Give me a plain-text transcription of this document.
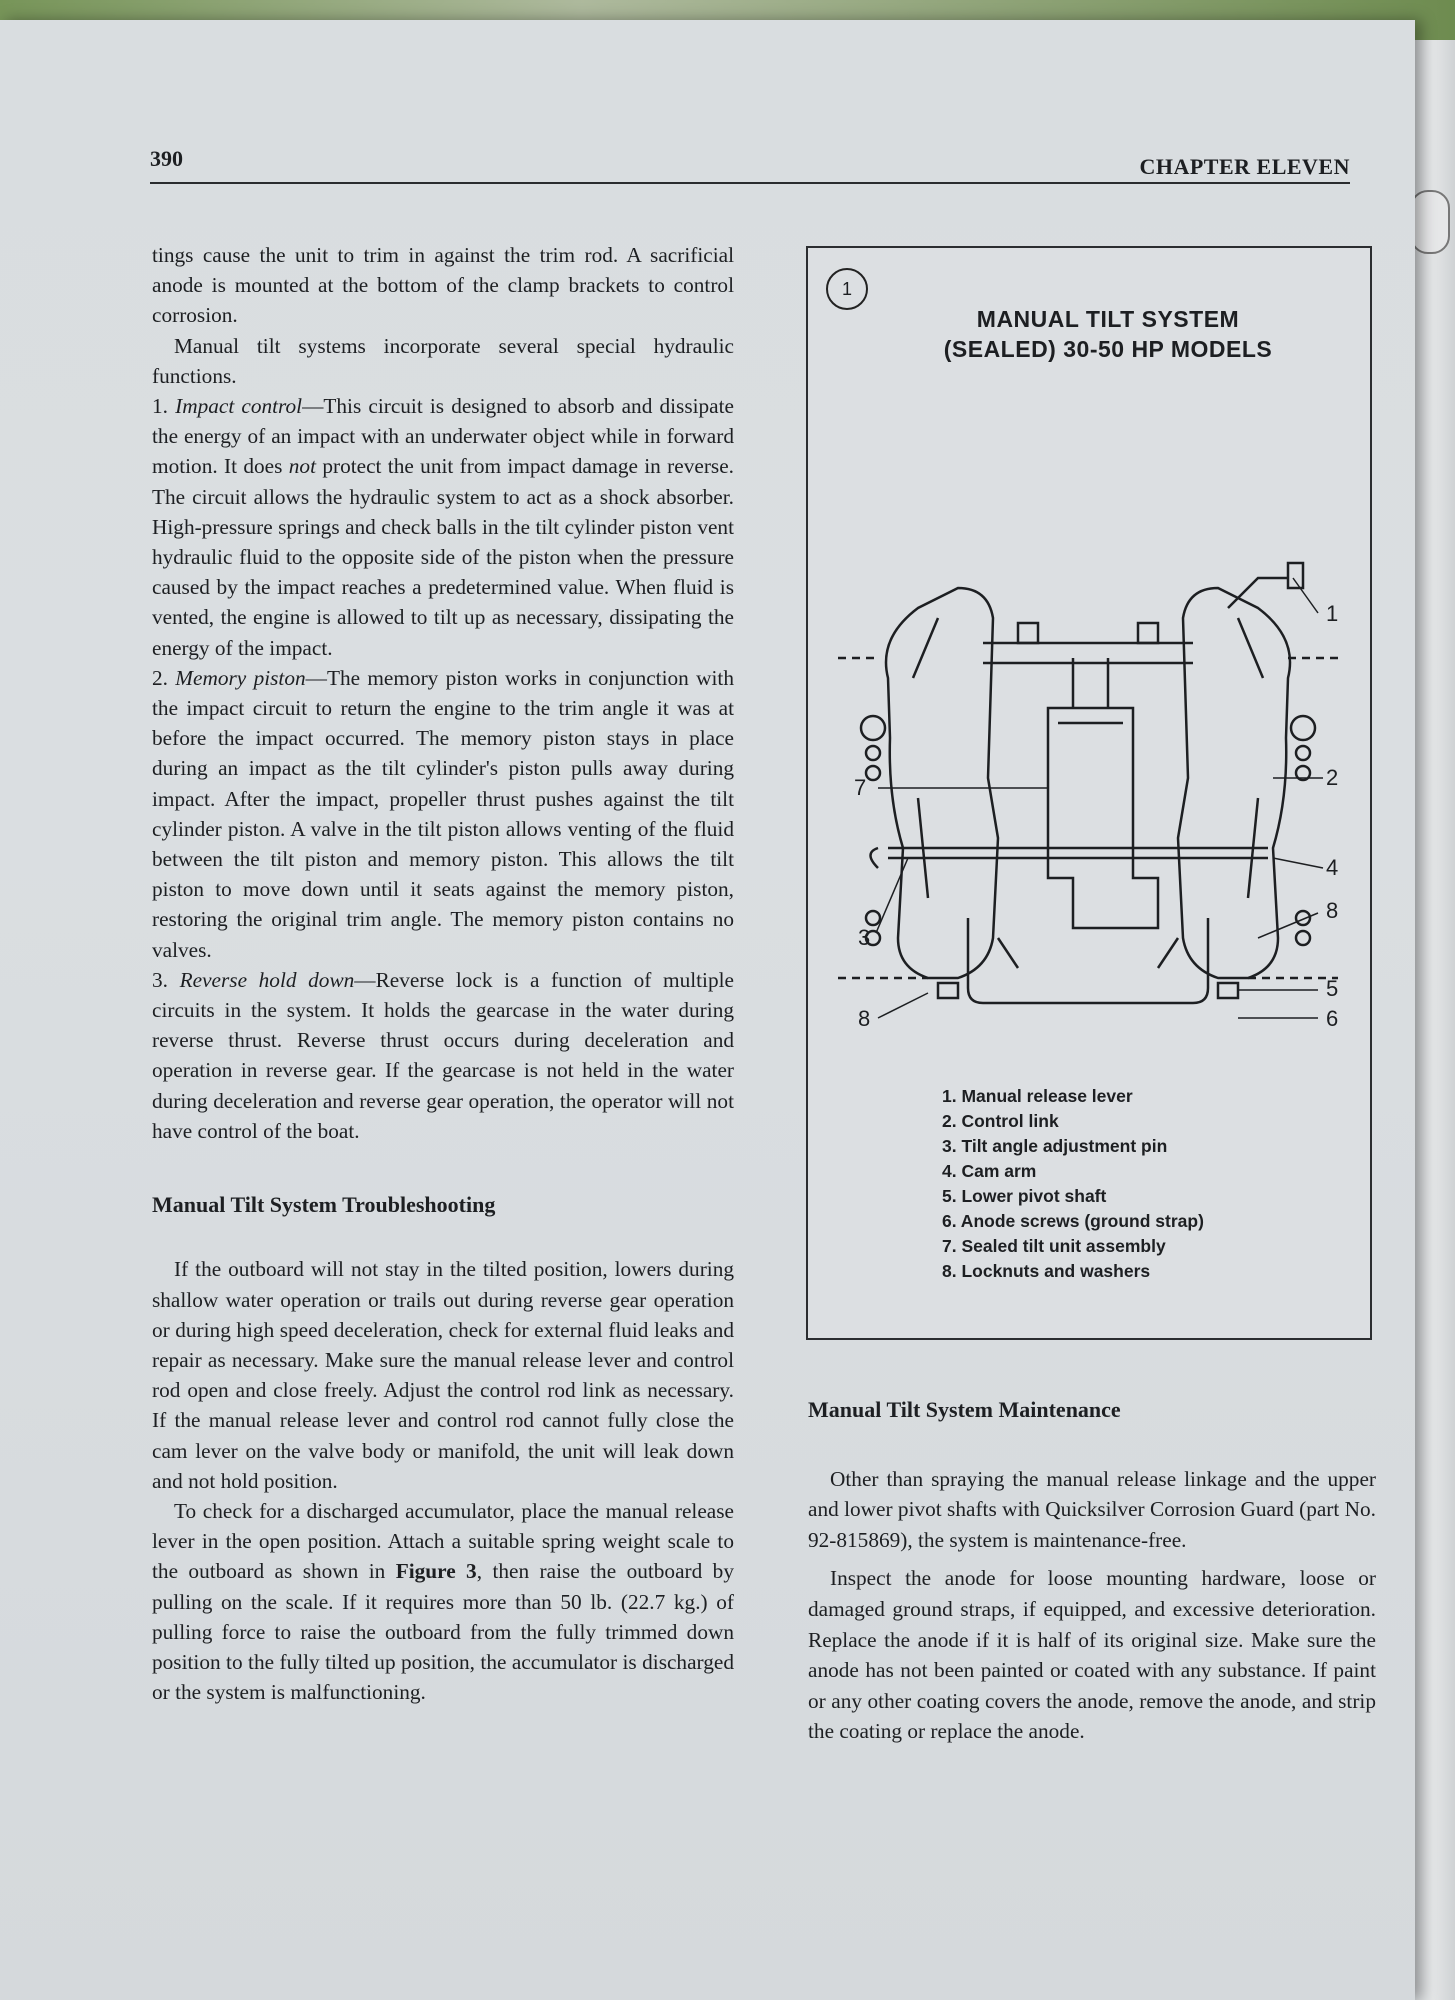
390	CHAPTER ELEVEN

tings cause the unit to trim in against the trim rod. A sacrificial anode is mounted at the bottom of the clamp brackets to control corrosion.

Manual tilt systems incorporate several special hydraulic functions.

1. Impact control—This circuit is designed to absorb and dissipate the energy of an impact with an underwater object while in forward motion. It does not protect the unit from impact damage in reverse. The circuit allows the hydraulic system to act as a shock absorber. High-pressure springs and check balls in the tilt cylinder piston vent hydraulic fluid to the opposite side of the piston when the pressure caused by the impact reaches a predetermined value. When fluid is vented, the engine is allowed to tilt up as necessary, dissipating the energy of the impact.

2. Memory piston—The memory piston works in conjunction with the impact circuit to return the engine to the trim angle it was at before the impact occurred. The memory piston stays in place during an impact as the tilt cylinder's piston pulls away during impact. After the impact, propeller thrust pushes against the tilt cylinder piston. A valve in the tilt piston allows venting of the fluid between the tilt piston and memory piston. This allows the tilt piston to move down until it seats against the memory piston, restoring the original trim angle. The memory piston contains no valves.

3. Reverse hold down—Reverse lock is a function of multiple circuits in the system. It holds the gearcase in the water during reverse thrust. Reverse thrust occurs during deceleration and operation in reverse gear. If the gearcase is not held in the water during deceleration and reverse gear operation, the operator will not have control of the boat.

Manual Tilt System Troubleshooting

If the outboard will not stay in the tilted position, lowers during shallow water operation or trails out during reverse gear operation or during high speed deceleration, check for external fluid leaks and repair as necessary. Make sure the manual release lever and control rod open and close freely. Adjust the control rod link as necessary. If the manual release lever and control rod cannot fully close the cam lever on the valve body or manifold, the unit will leak down and not hold position.

To check for a discharged accumulator, place the manual release lever in the open position. Attach a suitable spring weight scale to the outboard as shown in Figure 3, then raise the outboard by pulling on the scale. If it requires more than 50 lb. (22.7 kg.) of pulling force to raise the outboard from the fully trimmed down position to the fully tilted up position, the accumulator is discharged or the system is malfunctioning.

1
MANUAL TILT SYSTEM
(SEALED) 30-50 HP MODELS
1
2
4
8
5
6
7
3
8
1. Manual release lever
2. Control link
3. Tilt angle adjustment pin
4. Cam arm
5. Lower pivot shaft
6. Anode screws (ground strap)
7. Sealed tilt unit assembly
8. Locknuts and washers

Manual Tilt System Maintenance

Other than spraying the manual release linkage and the upper and lower pivot shafts with Quicksilver Corrosion Guard (part No. 92-815869), the system is maintenance-free.

Inspect the anode for loose mounting hardware, loose or damaged ground straps, if equipped, and excessive deterioration. Replace the anode if it is half of its original size. Make sure the anode has not been painted or coated with any substance. If paint or any other coating covers the anode, remove the anode, and strip the coating or replace the anode.
